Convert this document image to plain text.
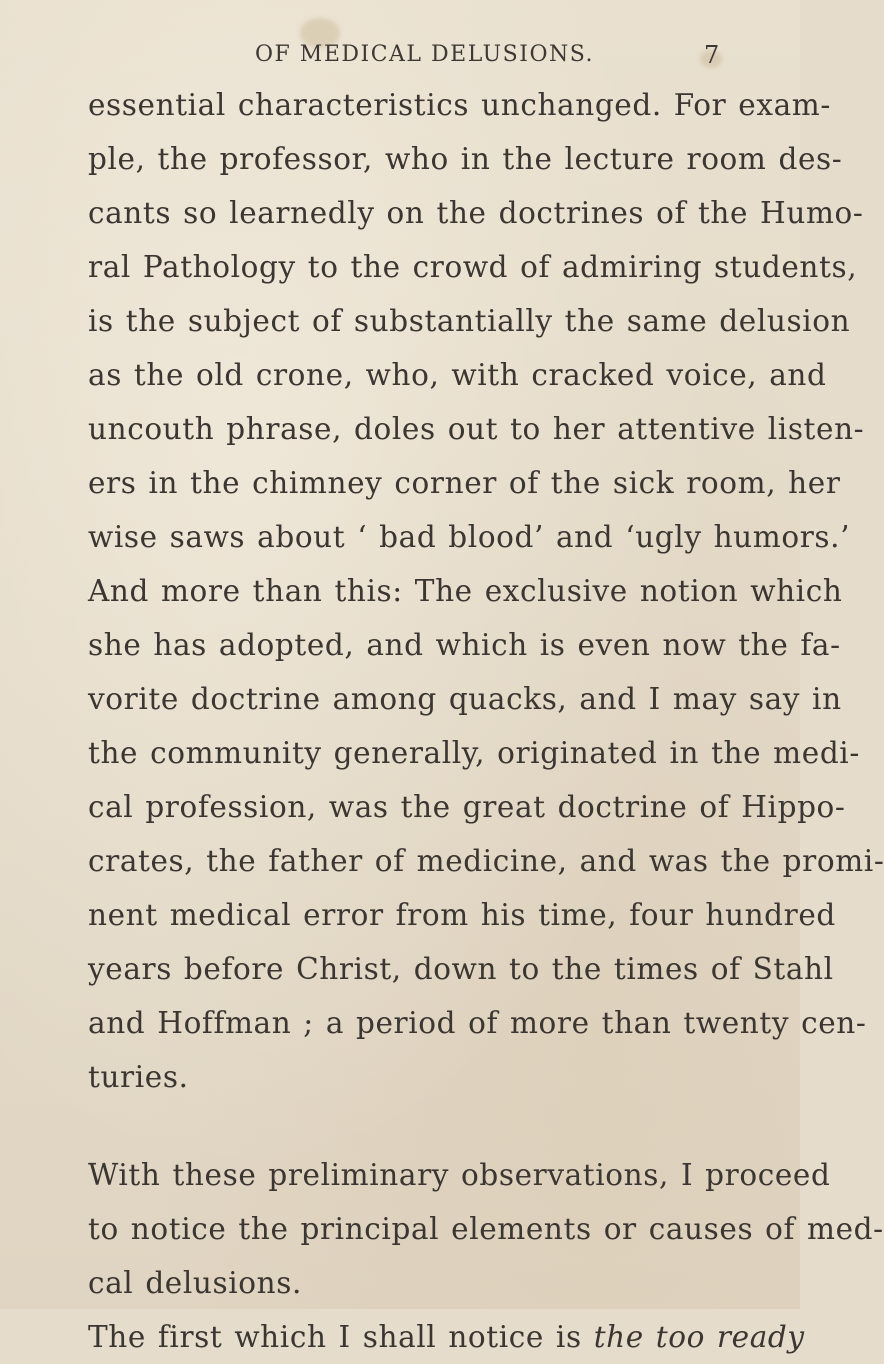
OF MEDICAL DELUSIONS.	7
essential characteristics unchanged. For exam-
ple, the professor, who in the lecture room des-
cants so learnedly on the doctrines of the Humo-
ral Pathology to the crowd of admiring students,
is the subject of substantially the same delusion
as the old crone, who, with cracked voice, and
uncouth phrase, doles out to her attentive listen-
ers in the chimney corner of the sick room, her
wise saws about ‘ bad blood’ and ‘ugly humors.’
And more than this: The exclusive notion which
she has adopted, and which is even now the fa-
vorite doctrine among quacks, and I may say in
the community generally, originated in the medi-
cal profession, was the great doctrine of Hippo-
crates, the father of medicine, and was the promi-
nent medical error from his time, four hundred
years before Christ, down to the times of Stahl
and Hoffman ; a period of more than twenty cen-
turies.
With these preliminary observations, I proceed
to notice the principal elements or causes of med-
cal delusions.
The first which I shall notice is the too ready
